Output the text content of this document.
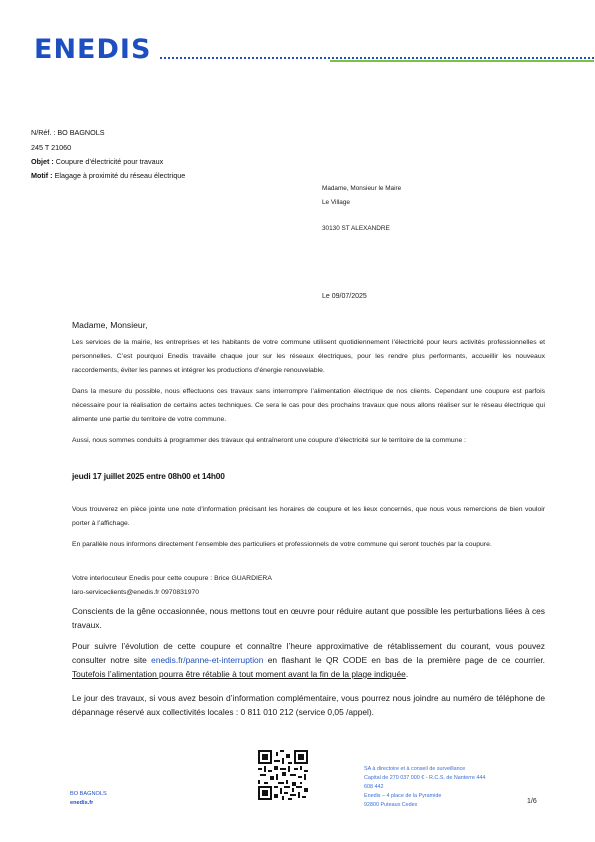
ENEDIS
N/Réf. : BO BAGNOLS
245 T 21060
Objet : Coupure d’électricité pour travaux
Motif : Elagage à proximité du réseau électrique
Madame, Monsieur le Maire
Le Village
30130 ST ALEXANDRE
Le 09/07/2025
Madame, Monsieur,
Les services de la mairie, les entreprises et les habitants de votre commune utilisent quotidiennement l’électricité pour leurs activités professionnelles et personnelles. C’est pourquoi Enedis travaille chaque jour sur les réseaux électriques, pour les rendre plus performants, accueillir les nouveaux raccordements, éviter les pannes et intégrer les productions d’énergie renouvelable.
Dans la mesure du possible, nous effectuons ces travaux sans interrompre l’alimentation électrique de nos clients. Cependant une coupure est parfois nécessaire pour la réalisation de certains actes techniques. Ce sera le cas pour des prochains travaux que nous allons réaliser sur le réseau électrique qui alimente une partie du territoire de votre commune.
Aussi, nous sommes conduits à programmer des travaux qui entraîneront une coupure d’électricité sur le territoire de la commune :
jeudi 17 juillet 2025 entre 08h00 et 14h00
Vous trouverez en pièce jointe une note d’information précisant les horaires de coupure et les lieux concernés, que nous vous remercions de bien vouloir porter à l’affichage.
En parallèle nous informons directement l’ensemble des particuliers et professionnels de votre commune qui seront touchés par la coupure.
Votre interlocuteur Enedis pour cette coupure : Brice GUARDIERA
laro-serviceclients@enedis.fr 0970831970
Conscients de la gêne occasionnée, nous mettons tout en œuvre pour réduire autant que possible les perturbations liées à ces travaux.
Pour suivre l’évolution de cette coupure et connaître l’heure approximative de rétablissement du courant, vous pouvez consulter notre site enedis.fr/panne-et-interruption en flashant le QR CODE en bas de la première page de ce courrier. Toutefois l’alimentation pourra être rétablie à tout moment avant la fin de la plage indiquée.
Le jour des travaux, si vous avez besoin d’information complémentaire, vous pourrez nous joindre au numéro de téléphone de dépannage réservé aux collectivités locales : 0 811 010 212 (service 0,05 /appel).
BO BAGNOLS
enedis.fr
SA à directoire et à conseil de surveillance
Capital de 270 037 000 € - R.C.S. de Nanterre 444
608 442
Enedis – 4 place de la Pyramide
92800 Puteaux Cedex	1/6
